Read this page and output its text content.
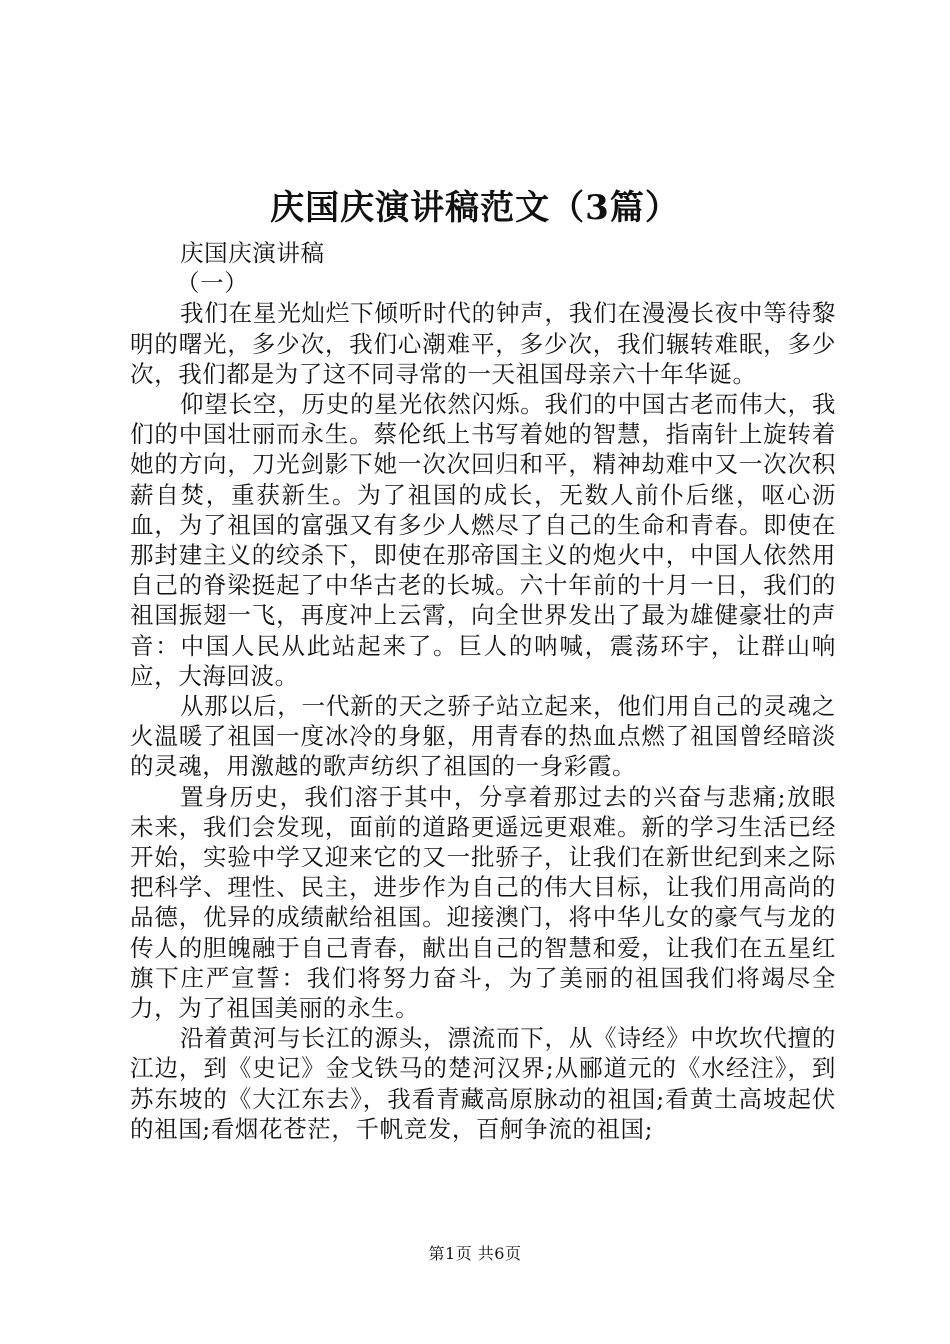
庆国庆演讲稿范文（3篇）
庆国庆演讲稿
（一）

我们在星光灿烂下倾听时代的钟声，我们在漫漫长夜中等待黎明的曙光，多少次，我们心潮难平，多少次，我们辗转难眠，多少次，我们都是为了这不同寻常的一天祖国母亲六十年华诞。

仰望长空，历史的星光依然闪烁。我们的中国古老而伟大，我们的中国壮丽而永生。蔡伦纸上书写着她的智慧，指南针上旋转着她的方向，刀光剑影下她一次次回归和平，精神劫难中又一次次积薪自焚，重获新生。为了祖国的成长，无数人前仆后继，呕心沥血，为了祖国的富强又有多少人燃尽了自己的生命和青春。即使在那封建主义的绞杀下，即使在那帝国主义的炮火中，中国人依然用自己的脊梁挺起了中华古老的长城。六十年前的十月一日，我们的祖国振翅一飞，再度冲上云霄，向全世界发出了最为雄健豪壮的声音：中国人民从此站起来了。巨人的呐喊，震荡环宇，让群山响应，大海回波。

从那以后，一代新的天之骄子站立起来，他们用自己的灵魂之火温暖了祖国一度冰冷的身躯，用青春的热血点燃了祖国曾经暗淡的灵魂，用激越的歌声纺织了祖国的一身彩霞。

置身历史，我们溶于其中，分享着那过去的兴奋与悲痛;放眼未来，我们会发现，面前的道路更遥远更艰难。新的学习生活已经开始，实验中学又迎来它的又一批骄子，让我们在新世纪到来之际把科学、理性、民主，进步作为自己的伟大目标，让我们用高尚的品德，优异的成绩献给祖国。迎接澳门，将中华儿女的豪气与龙的传人的胆魄融于自己青春，献出自己的智慧和爱，让我们在五星红旗下庄严宣誓：我们将努力奋斗，为了美丽的祖国我们将竭尽全力，为了祖国美丽的永生。

沿着黄河与长江的源头，漂流而下，从《诗经》中坎坎代擅的江边，到《史记》金戈铁马的楚河汉界;从郦道元的《水经注》，到苏东坡的《大江东去》，我看青藏高原脉动的祖国;看黄土高坡起伏的祖国;看烟花苍茫，千帆竞发，百舸争流的祖国;

第1页 共6页
